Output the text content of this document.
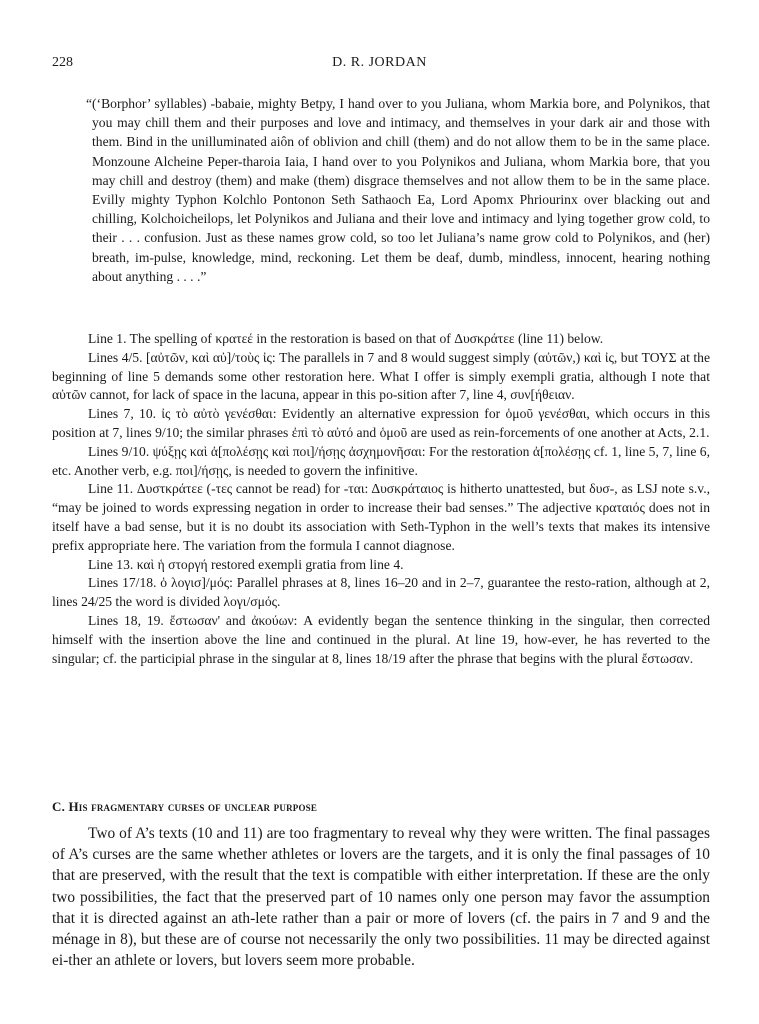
228	D. R. JORDAN

“(‘Borphor’ syllables) -babaie, mighty Betpy, I hand over to you Juliana, whom Markia bore, and Polynikos, that you may chill them and their purposes and love and intimacy, and themselves in your dark air and those with them. Bind in the unilluminated aiôn of oblivion and chill (them) and do not allow them to be in the same place. Monzoune Alcheine Peper-tharoia Iaia, I hand over to you Polynikos and Juliana, whom Markia bore, that you may chill and destroy (them) and make (them) disgrace themselves and not allow them to be in the same place. Evilly mighty Typhon Kolchlo Pontonon Seth Sathaoch Ea, Lord Apomx Phriourinx over blacking out and chilling, Kolchoicheilops, let Polynikos and Juliana and their love and intimacy and lying together grow cold, to their . . . confusion. Just as these names grow cold, so too let Juliana’s name grow cold to Polynikos, and (her) breath, im-pulse, knowledge, mind, reckoning. Let them be deaf, dumb, mindless, innocent, hearing nothing about anything . . . .”

Line 1. The spelling of κρατεέ in the restoration is based on that of Δυσκράτεε (line 11) below.

Lines 4/5. [αὐτῶν, καὶ αὐ]/τοὺς ἰς: The parallels in 7 and 8 would suggest simply (αὐτῶν,) καὶ ἰς, but ΤΟΥΣ at the beginning of line 5 demands some other restoration here. What I offer is simply exempli gratia, although I note that αὐτῶν cannot, for lack of space in the lacuna, appear in this po-sition after 7, line 4, συν[ήθειαν.

Lines 7, 10. ἰς τὸ αὐτὸ γενέσθαι: Evidently an alternative expression for ὁμοῦ γενέσθαι, which occurs in this position at 7, lines 9/10; the similar phrases ἐπὶ τὸ αὐτό and ὁμοῦ are used as rein-forcements of one another at Acts, 2.1.

Lines 9/10. ψύξῃς καὶ ἀ[πολέσῃς καὶ ποι]/ήσῃς ἀσχημονῆσαι: For the restoration ἀ[πολέσῃς cf. 1, line 5, 7, line 6, etc. Another verb, e.g. ποι]/ήσῃς, is needed to govern the infinitive.

Line 11. Δυστκράτεε (-τες cannot be read) for -ται: Δυσκράταιος is hitherto unattested, but δυσ-, as LSJ note s.v., “may be joined to words expressing negation in order to increase their bad senses.” The adjective κραταιός does not in itself have a bad sense, but it is no doubt its association with Seth-Typhon in the well’s texts that makes its intensive prefix appropriate here. The variation from the formula I cannot diagnose.

Line 13. καὶ ἡ στοργή restored exempli gratia from line 4.

Lines 17/18. ὁ λογισ]/μός: Parallel phrases at 8, lines 16–20 and in 2–7, guarantee the resto-ration, although at 2, lines 24/25 the word is divided λογι/σμός.

Lines 18, 19. ἔστωσαν' and ἀκούων: A evidently began the sentence thinking in the singular, then corrected himself with the insertion above the line and continued in the plural. At line 19, how-ever, he has reverted to the singular; cf. the participial phrase in the singular at 8, lines 18/19 after the phrase that begins with the plural ἔστωσαν.

C. His fragmentary curses of unclear purpose

Two of A’s texts (10 and 11) are too fragmentary to reveal why they were written. The final passages of A’s curses are the same whether athletes or lovers are the targets, and it is only the final passages of 10 that are preserved, with the result that the text is compatible with either interpretation. If these are the only two possibilities, the fact that the preserved part of 10 names only one person may favor the assumption that it is directed against an ath-lete rather than a pair or more of lovers (cf. the pairs in 7 and 9 and the ménage in 8), but these are of course not necessarily the only two possibilities. 11 may be directed against ei-ther an athlete or lovers, but lovers seem more probable.
